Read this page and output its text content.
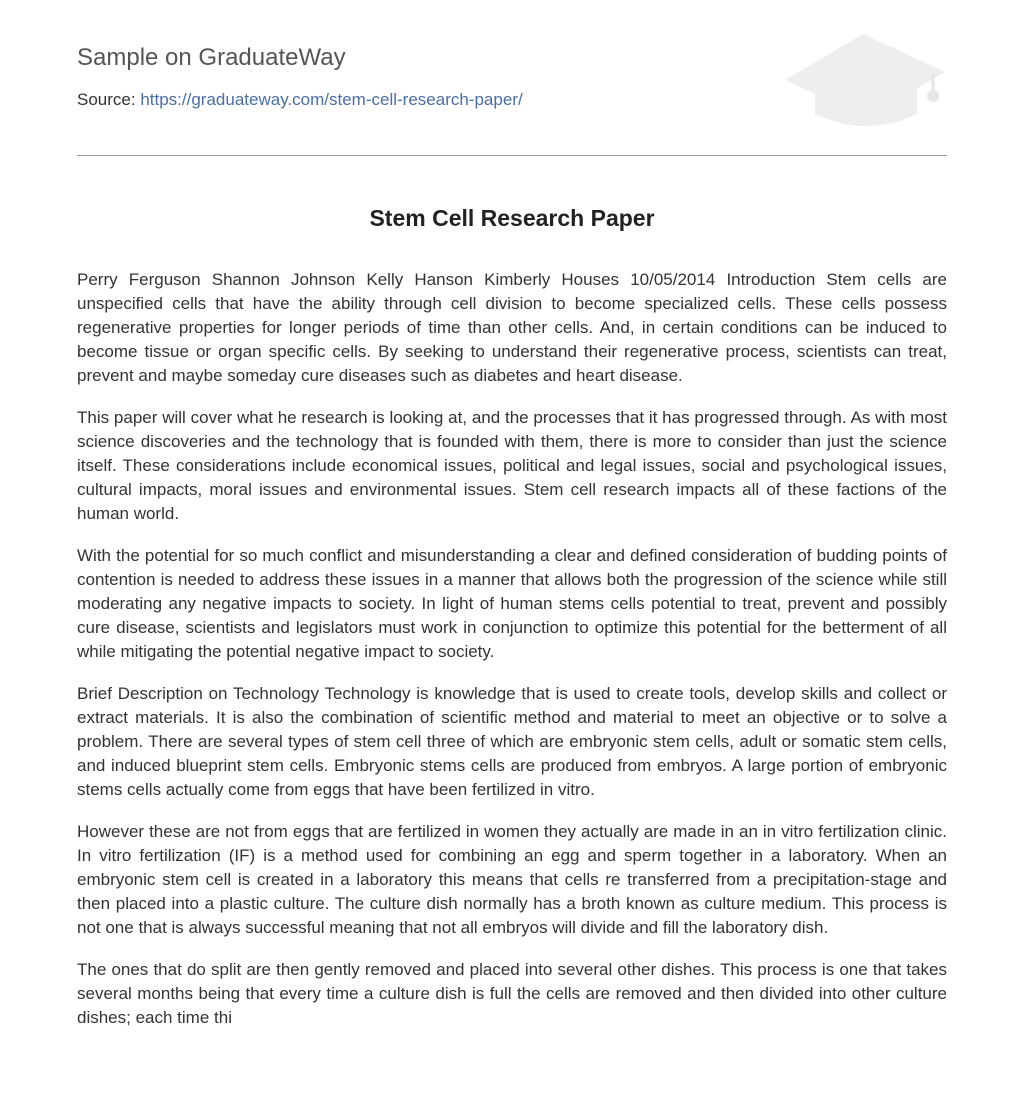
Sample on GraduateWay
Source: https://graduateway.com/stem-cell-research-paper/
Stem Cell Research Paper

Perry Ferguson Shannon Johnson Kelly Hanson Kimberly Houses 10/05/2014 Introduction Stem cells are unspecified cells that have the ability through cell division to become specialized cells. These cells possess regenerative properties for longer periods of time than other cells. And, in certain conditions can be induced to become tissue or organ specific cells. By seeking to understand their regenerative process, scientists can treat, prevent and maybe someday cure diseases such as diabetes and heart disease.

This paper will cover what he research is looking at, and the processes that it has progressed through. As with most science discoveries and the technology that is founded with them, there is more to consider than just the science itself. These considerations include economical issues, political and legal issues, social and psychological issues, cultural impacts, moral issues and environmental issues. Stem cell research impacts all of these factions of the human world.

With the potential for so much conflict and misunderstanding a clear and defined consideration of budding points of contention is needed to address these issues in a manner that allows both the progression of the science while still moderating any negative impacts to society. In light of human stems cells potential to treat, prevent and possibly cure disease, scientists and legislators must work in conjunction to optimize this potential for the betterment of all while mitigating the potential negative impact to society.

Brief Description on Technology Technology is knowledge that is used to create tools, develop skills and collect or extract materials. It is also the combination of scientific method and material to meet an objective or to solve a problem. There are several types of stem cell three of which are embryonic stem cells, adult or somatic stem cells, and induced blueprint stem cells. Embryonic stems cells are produced from embryos. A large portion of embryonic stems cells actually come from eggs that have been fertilized in vitro.

However these are not from eggs that are fertilized in women they actually are made in an in vitro fertilization clinic. In vitro fertilization (IF) is a method used for combining an egg and sperm together in a laboratory. When an embryonic stem cell is created in a laboratory this means that cells re transferred from a precipitation-stage and then placed into a plastic culture. The culture dish normally has a broth known as culture medium. This process is not one that is always successful meaning that not all embryos will divide and fill the laboratory dish.

The ones that do split are then gently removed and placed into several other dishes. This process is one that takes several months being that every time a culture dish is full the cells are removed and then divided into other culture dishes; each time thi
